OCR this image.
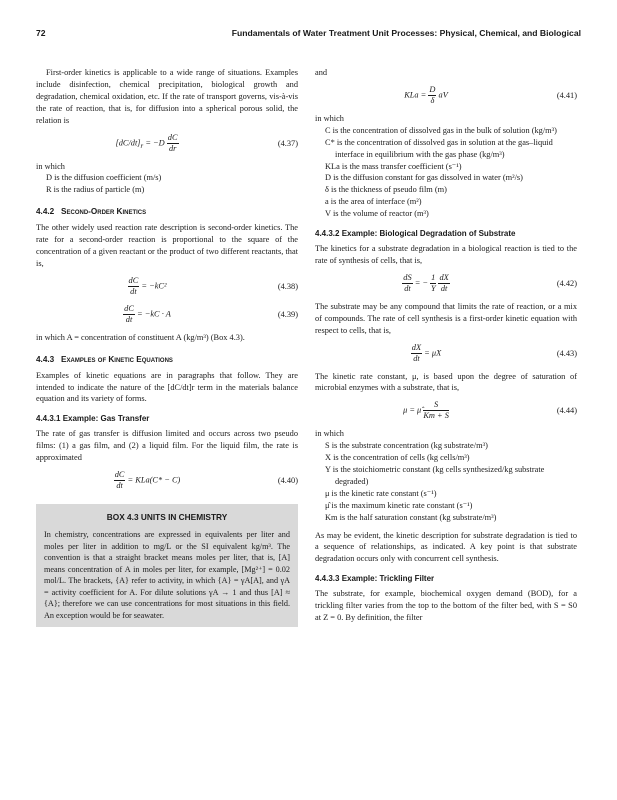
72	Fundamentals of Water Treatment Unit Processes: Physical, Chemical, and Biological

First-order kinetics is applicable to a wide range of situations. Examples include disinfection, chemical precipitation, biological growth and degradation, chemical oxidation, etc. If the rate of transport governs, vis-à-vis the rate of reaction, that is, for diffusion into a spherical porous solid, the relation is

$[dC/dt]_r = -D \frac{dC}{dr}$	(4.37)

in which

D is the diffusion coefficient (m/s)
R is the radius of particle (m)
4.4.2 Second-Order Kinetics

The other widely used reaction rate description is second-order kinetics. The rate for a second-order reaction is proportional to the square of the concentration of a given reactant or the product of two different reactants, that is,

$\frac{dC}{dt} = -kC^2$	(4.38)
$\frac{dC}{dt} = -kC \cdot A$	(4.39)

in which A = concentration of constituent A (kg/m³) (Box 4.3).

4.4.3 Examples of Kinetic Equations

Examples of kinetic equations are in paragraphs that follow. They are intended to indicate the nature of the [dC/dt]r term in the materials balance equation and its variety of forms.

4.4.3.1 Example: Gas Transfer

The rate of gas transfer is diffusion limited and occurs across two pseudo films: (1) a gas film, and (2) a liquid film. For the liquid film, the rate is approximated

$\frac{dC}{dt} = KLa(C* - C)$	(4.40)
BOX 4.3 UNITS IN CHEMISTRY

In chemistry, concentrations are expressed in equivalents per liter and moles per liter in addition to mg/L or the SI equivalent kg/m³. The convention is that a straight bracket means moles per liter, that is, [A] means concentration of A in moles per liter, for example, [Mg²⁺] = 0.02 mol/L. The brackets, {A} refer to activity, in which {A} = γA[A], and γA = activity coefficient for A. For dilute solutions γA → 1 and thus [A] ≈ {A}; therefore we can use concentrations for most situations in this field. An exception would be for seawater.

and

KLa = $\frac{D}{\delta}$ aV	(4.41)

in which

C is the concentration of dissolved gas in the bulk of solution (kg/m³)
C* is the concentration of dissolved gas in solution at the gas–liquid interface in equilibrium with the gas phase (kg/m³)
KLa is the mass transfer coefficient (s⁻¹)
D is the diffusion constant for gas dissolved in water (m²/s)
δ is the thickness of pseudo film (m)
a is the area of interface (m²)
V is the volume of reactor (m³)
4.4.3.2 Example: Biological Degradation of Substrate

The kinetics for a substrate degradation in a biological reaction is tied to the rate of synthesis of cells, that is,

$\frac{dS}{dt}$ = − $\frac{1}{Y}$
$\frac{dX}{dt}$	(4.42)

The substrate may be any compound that limits the rate of reaction, or a mix of compounds. The rate of cell synthesis is a first-order kinetic equation with respect to cells, that is,

$\frac{dX}{dt} = \mu X$	(4.43)

The kinetic rate constant, μ, is based upon the degree of saturation of microbial enzymes with a substrate, that is,

μ = μ̂ $\frac{S}{Km + S}$	(4.44)

in which

S is the substrate concentration (kg substrate/m³)
X is the concentration of cells (kg cells/m³)
Y is the stoichiometric constant (kg cells synthesized/kg substrate degraded)
μ is the kinetic rate constant (s⁻¹)
μ̂ is the maximum kinetic rate constant (s⁻¹)
Km is the half saturation constant (kg substrate/m³)

As may be evident, the kinetic description for substrate degradation is tied to a sequence of relationships, as indicated. A key point is that substrate degradation occurs only with concurrent cell synthesis.

4.4.3.3 Example: Trickling Filter

The substrate, for example, biochemical oxygen demand (BOD), for a trickling filter varies from the top to the bottom of the filter bed, with S = S0 at Z = 0. By definition, the filter
